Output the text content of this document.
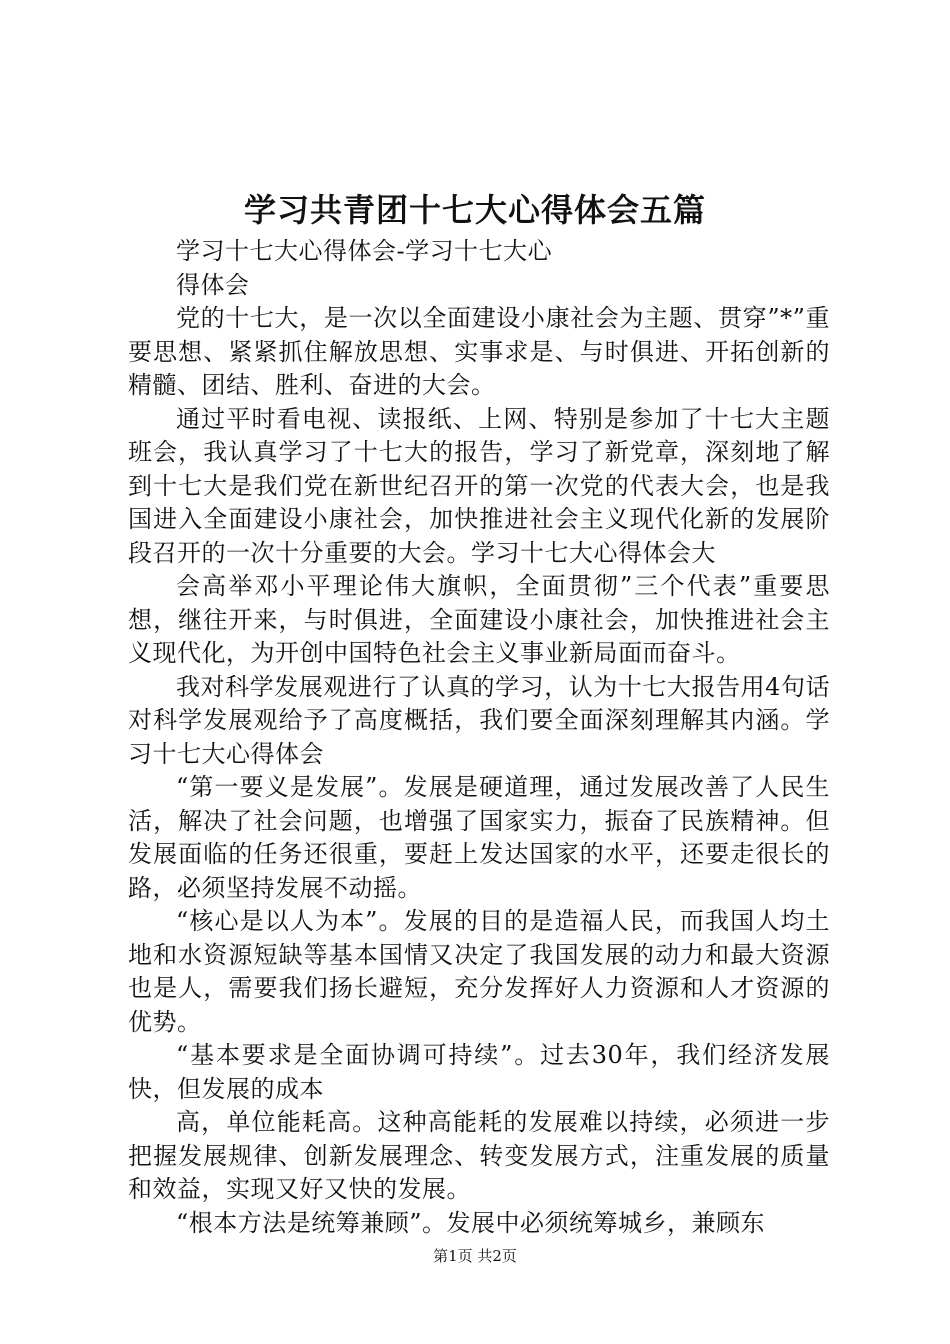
学习共青团十七大心得体会五篇

学习十七大心得体会-学习十七大心

得体会

党的十七大，是一次以全面建设小康社会为主题、贯穿”*”重要思想、紧紧抓住解放思想、实事求是、与时俱进、开拓创新的精髓、团结、胜利、奋进的大会。

通过平时看电视、读报纸、上网、特别是参加了十七大主题班会，我认真学习了十七大的报告，学习了新党章，深刻地了解到十七大是我们党在新世纪召开的第一次党的代表大会，也是我国进入全面建设小康社会，加快推进社会主义现代化新的发展阶段召开的一次十分重要的大会。学习十七大心得体会大

会高举邓小平理论伟大旗帜，全面贯彻”三个代表”重要思想，继往开来，与时俱进，全面建设小康社会，加快推进社会主义现代化，为开创中国特色社会主义事业新局面而奋斗。

我对科学发展观进行了认真的学习，认为十七大报告用4句话对科学发展观给予了高度概括，我们要全面深刻理解其内涵。学习十七大心得体会

“第一要义是发展”。发展是硬道理，通过发展改善了人民生活，解决了社会问题，也增强了国家实力，振奋了民族精神。但发展面临的任务还很重，要赶上发达国家的水平，还要走很长的路，必须坚持发展不动摇。

“核心是以人为本”。发展的目的是造福人民，而我国人均土地和水资源短缺等基本国情又决定了我国发展的动力和最大资源也是人，需要我们扬长避短，充分发挥好人力资源和人才资源的优势。

“基本要求是全面协调可持续”。过去30年，我们经济发展快，但发展的成本

高，单位能耗高。这种高能耗的发展难以持续，必须进一步把握发展规律、创新发展理念、转变发展方式，注重发展的质量和效益，实现又好又快的发展。

“根本方法是统筹兼顾”。发展中必须统筹城乡，兼顾东

第1页 共2页
